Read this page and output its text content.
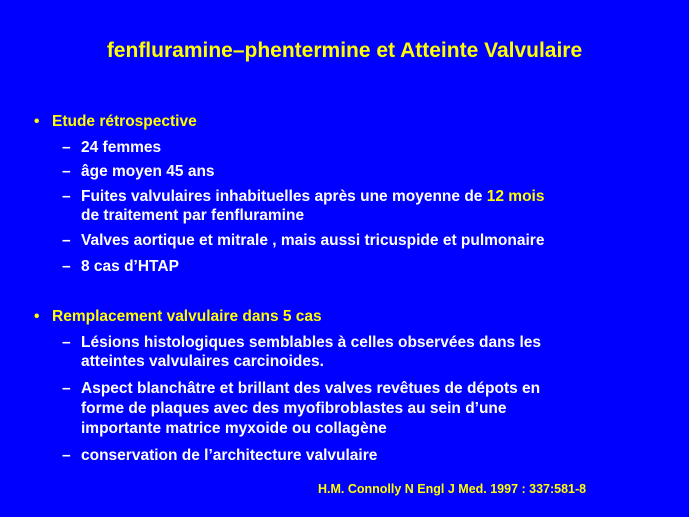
fenfluramine–phentermine et Atteinte Valvulaire
• Etude rétrospective
– 24 femmes
– âge moyen 45 ans
– Fuites valvulaires inhabituelles après une moyenne de 12 mois
de traitement par fenfluramine
– Valves aortique et mitrale , mais aussi tricuspide et pulmonaire
– 8 cas d’HTAP
• Remplacement valvulaire dans 5 cas
– Lésions histologiques semblables à celles observées dans les
atteintes valvulaires carcinoides.
– Aspect blanchâtre et brillant des valves revêtues de dépots en
forme de plaques avec des myofibroblastes au sein d’une
importante matrice myxoide ou collagène
– conservation de l’architecture valvulaire
H.M. Connolly N Engl J Med. 1997 : 337:581-8
